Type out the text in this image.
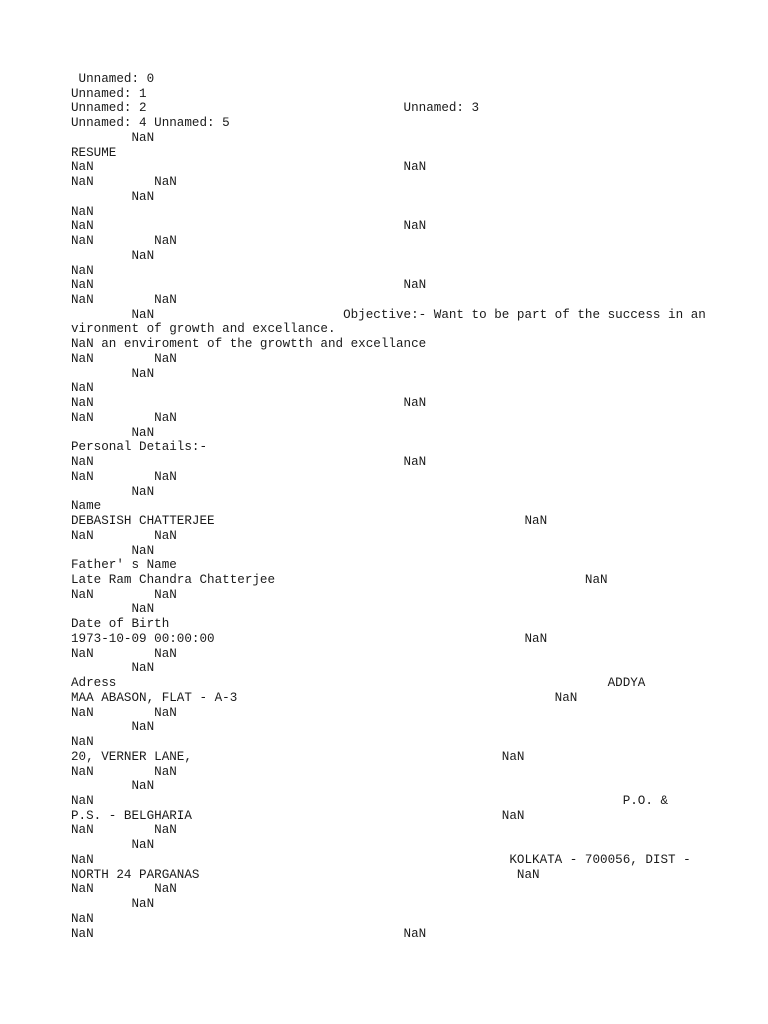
Unnamed: 0
Unnamed: 1
Unnamed: 2                                  Unnamed: 3
Unnamed: 4 Unnamed: 5
NaN
RESUME
NaN                                         NaN
NaN        NaN
NaN
NaN
NaN                                         NaN
NaN        NaN
NaN
NaN
NaN                                         NaN
NaN        NaN
NaN                         Objective:- Want to be part of the success in an
vironment of growth and excellance.
NaN an enviroment of the growtth and excellance
NaN        NaN
NaN
NaN
NaN                                         NaN
NaN        NaN
NaN
Personal Details:-
NaN                                         NaN
NaN        NaN
NaN
Name
DEBASISH CHATTERJEE                                         NaN
NaN        NaN
NaN
Father' s Name
Late Ram Chandra Chatterjee                                         NaN
NaN        NaN
NaN
Date of Birth
1973-10-09 00:00:00                                         NaN
NaN        NaN
NaN
Adress                                                                 ADDYA
MAA ABASON, FLAT - A-3                                          NaN
NaN        NaN
NaN
NaN
20, VERNER LANE,                                         NaN
NaN        NaN
NaN
NaN                                                                      P.O. &
P.S. - BELGHARIA                                         NaN
NaN        NaN
NaN
NaN                                                       KOLKATA - 700056, DIST -
NORTH 24 PARGANAS                                          NaN
NaN        NaN
NaN
NaN
NaN                                         NaN
